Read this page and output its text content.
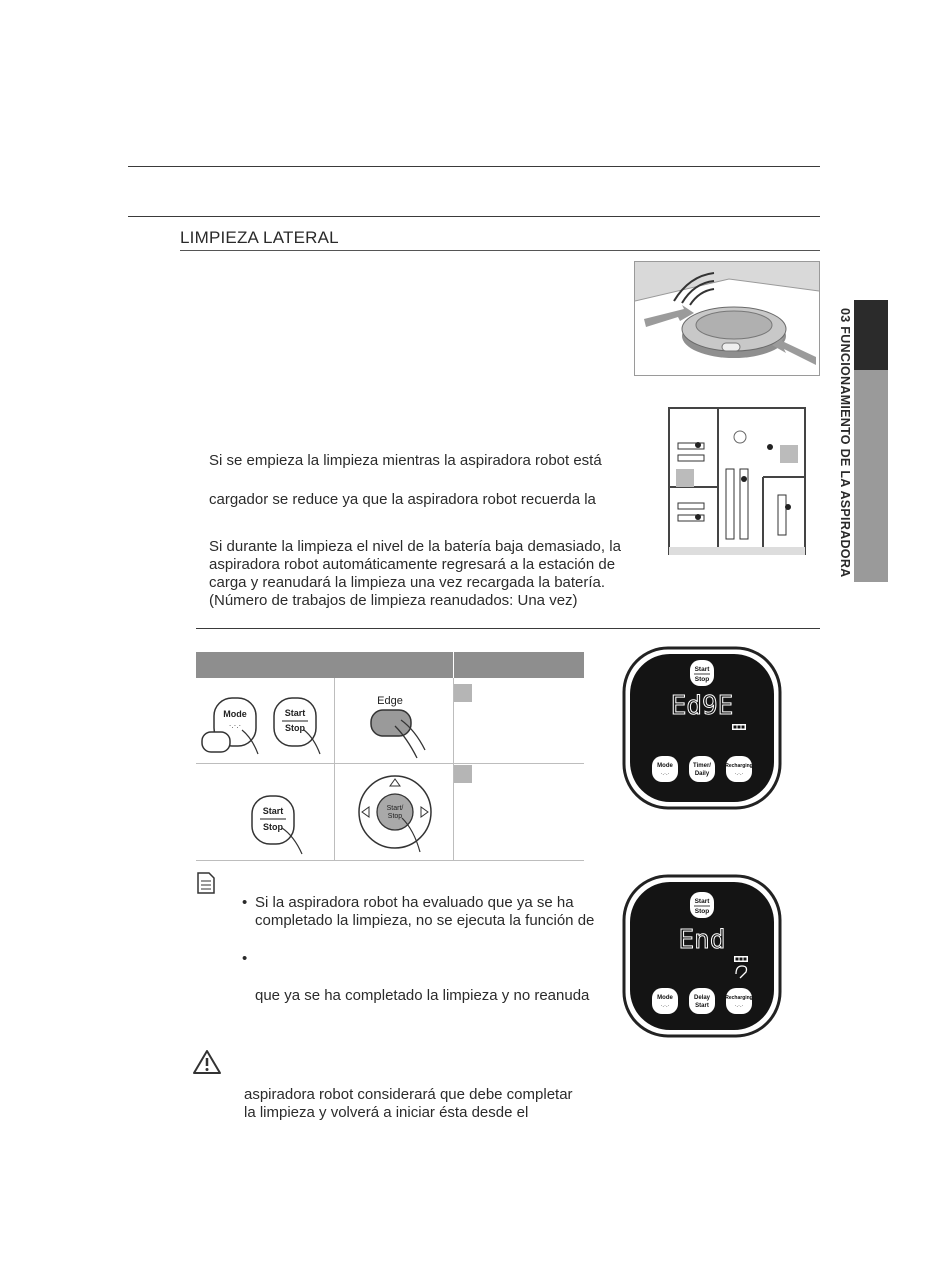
03 FUNCIONAMIENTO DE LA ASPIRADORA
LIMPIEZA LATERAL
Si se empieza la limpieza mientras la aspiradora robot está
cargador se reduce ya que la aspiradora robot recuerda la
Si durante la limpieza el nivel de la batería baja demasiado, la
aspiradora robot automáticamente regresará a la estación de
carga y reanudará la limpieza una vez recargada la batería.
(Número de trabajos de limpieza reanudados: Una vez)
Mode
·.·.·
Start
Stop
Edge
Start
Stop
Start/
Stop
Start
Stop
Ed9E
Mode
·.·.·
Timer/
Daily
Recharging
·.·.·
• Si la aspiradora robot ha evaluado que ya se ha
completado la limpieza, no se ejecuta la función de
•
que ya se ha completado la limpieza y no reanuda
Start
Stop
End
Mode
·.·.·
Delay
Start
Recharging
·.·.·
aspiradora robot considerará que debe completar
la limpieza y volverá a iniciar ésta desde el
